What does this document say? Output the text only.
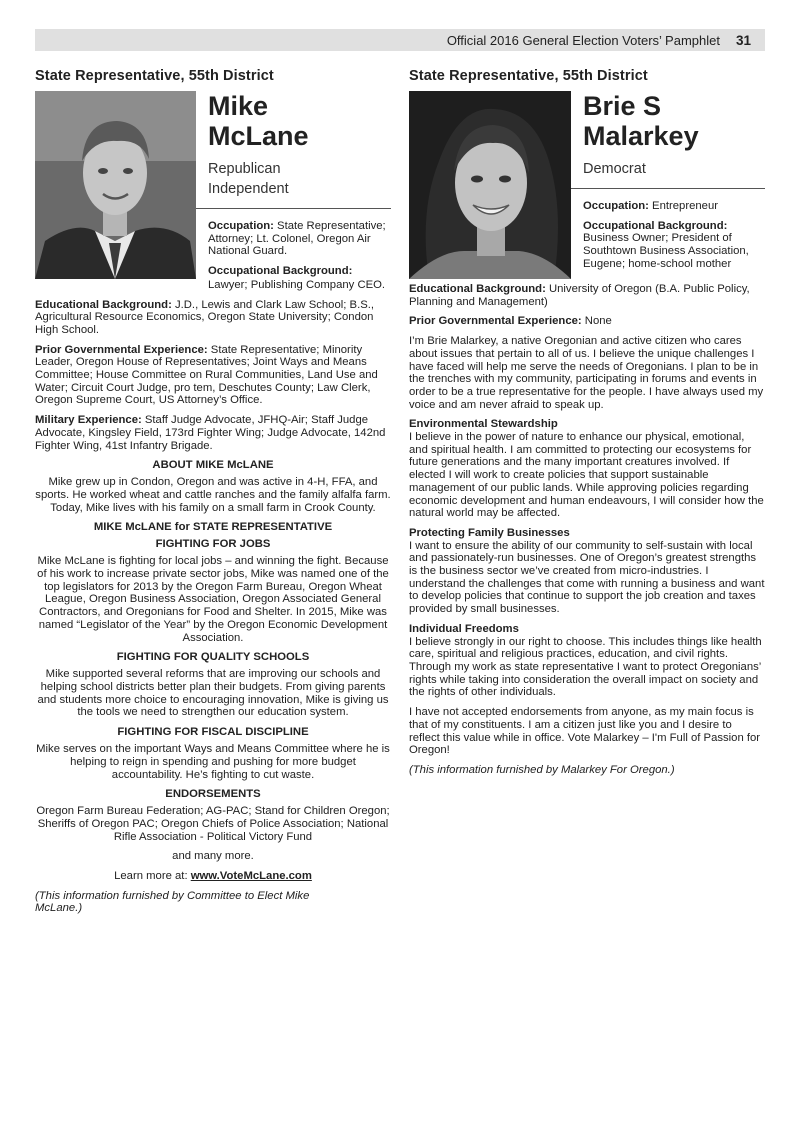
Official 2016 General Election Voters’ Pamphlet 31
State Representative, 55th District
Mike
McLane
Republican
Independent

Occupation: State Representative; Attorney; Lt. Colonel, Oregon Air National Guard.

Occupational Background:

Lawyer; Publishing Company CEO.

Educational Background: J.D., Lewis and Clark Law School; B.S., Agricultural Resource Economics, Oregon State University; Condon High School.

Prior Governmental Experience: State Representative; Minority Leader, Oregon House of Representatives; Joint Ways and Means Committee; House Committee on Rural Communities, Land Use and Water; Circuit Court Judge, pro tem, Deschutes County; Law Clerk, Oregon Supreme Court, US Attorney’s Office.

Military Experience: Staff Judge Advocate, JFHQ-Air; Staff Judge Advocate, Kingsley Field, 173rd Fighter Wing; Judge Advocate, 142nd Fighter Wing, 41st Infantry Brigade.

ABOUT MIKE McLANE

Mike grew up in Condon, Oregon and was active in 4-H, FFA, and sports. He worked wheat and cattle ranches and the family alfalfa farm. Today, Mike lives with his family on a small farm in Crook County.

MIKE McLANE for STATE REPRESENTATIVE
FIGHTING FOR JOBS

Mike McLane is fighting for local jobs – and winning the fight. Because of his work to increase private sector jobs, Mike was named one of the top legislators for 2013 by the Oregon Farm Bureau, Oregon Wheat League, Oregon Business Association, Oregon Associated General Contractors, and Oregonians for Food and Shelter. In 2015, Mike was named “Legislator of the Year” by the Oregon Economic Development Association.

FIGHTING FOR QUALITY SCHOOLS

Mike supported several reforms that are improving our schools and helping school districts better plan their budgets. From giving parents and students more choice to encouraging innovation, Mike is giving us the tools we need to strengthen our education system.

FIGHTING FOR FISCAL DISCIPLINE

Mike serves on the important Ways and Means Committee where he is helping to reign in spending and pushing for more budget accountability. He’s fighting to cut waste.

ENDORSEMENTS

Oregon Farm Bureau Federation; AG-PAC; Stand for Children Oregon; Sheriffs of Oregon PAC; Oregon Chiefs of Police Association; National Rifle Association - Political Victory Fund

and many more.

Learn more at: www.VoteMcLane.com

(This information furnished by Committee to Elect Mike McLane.)

State Representative, 55th District
Brie S
Malarkey
Democrat

Occupation: Entrepreneur

Occupational Background: Business Owner; President of Southtown Business Association, Eugene; home-school mother

Educational Background: University of Oregon (B.A. Public Policy, Planning and Management)

Prior Governmental Experience: None

I’m Brie Malarkey, a native Oregonian and active citizen who cares about issues that pertain to all of us. I believe the unique challenges I have faced will help me serve the needs of Oregonians. I plan to be in the trenches with my community, participating in forums and events in order to be a true representative for the people. I have always used my voice and am never afraid to speak up.

Environmental Stewardship

I believe in the power of nature to enhance our physical, emotional, and spiritual health. I am committed to protecting our ecosystems for future generations and the many important creatures involved. If elected I will work to create policies that support sustainable management of our public lands. While approving policies regarding economic development and human endeavours, I will consider how the natural world may be affected.

Protecting Family Businesses

I want to ensure the ability of our community to self-sustain with local and passionately-run businesses. One of Oregon’s greatest strengths is the business sector we’ve created from micro-industries. I understand the challenges that come with running a business and want to develop policies that continue to support the job creation and taxes provided by small businesses.

Individual Freedoms

I believe strongly in our right to choose. This includes things like health care, spiritual and religious practices, education, and civil rights. Through my work as state representative I want to protect Oregonians’ rights while taking into consideration the overall impact on society and the rights of other individuals.

I have not accepted endorsements from anyone, as my main focus is that of my constituents. I am a citizen just like you and I desire to reflect this value while in office. Vote Malarkey – I'm Full of Passion for Oregon!

(This information furnished by Malarkey For Oregon.)
